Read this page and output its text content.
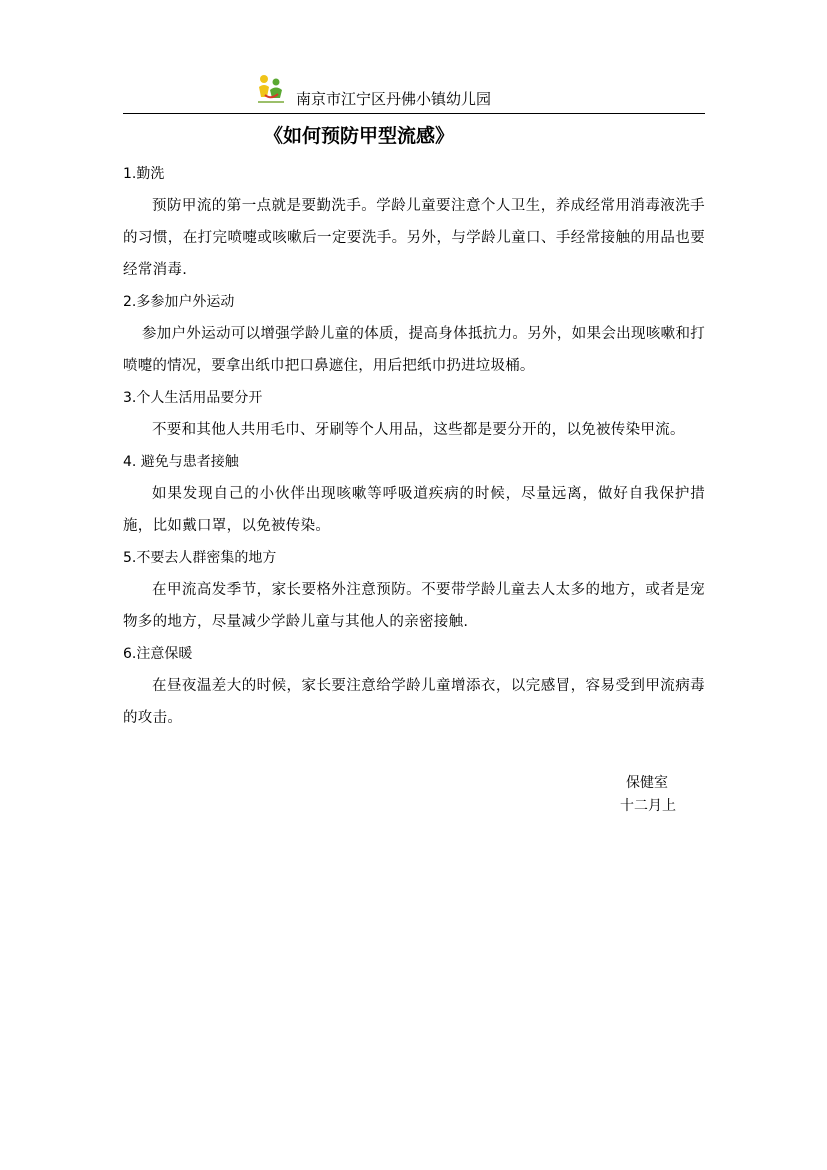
南京市江宁区丹佛小镇幼儿园
《如何预防甲型流感》

1.勤洗

预防甲流的第一点就是要勤洗手。学龄儿童要注意个人卫生，养成经常用消毒液洗手的习惯，在打完喷嚏或咳嗽后一定要洗手。另外，与学龄儿童口、手经常接触的用品也要经常消毒.

2.多参加户外运动

参加户外运动可以增强学龄儿童的体质，提高身体抵抗力。另外，如果会出现咳嗽和打喷嚏的情况，要拿出纸巾把口鼻遮住，用后把纸巾扔进垃圾桶。

3.个人生活用品要分开

不要和其他人共用毛巾、牙刷等个人用品，这些都是要分开的，以免被传染甲流。

4. 避免与患者接触

如果发现自己的小伙伴出现咳嗽等呼吸道疾病的时候，尽量远离，做好自我保护措施，比如戴口罩，以免被传染。

5.不要去人群密集的地方

在甲流高发季节，家长要格外注意预防。不要带学龄儿童去人太多的地方，或者是宠物多的地方，尽量减少学龄儿童与其他人的亲密接触.

6.注意保暖

在昼夜温差大的时候，家长要注意给学龄儿童增添衣，以完感冒，容易受到甲流病毒的攻击。

保健室
十二月上
